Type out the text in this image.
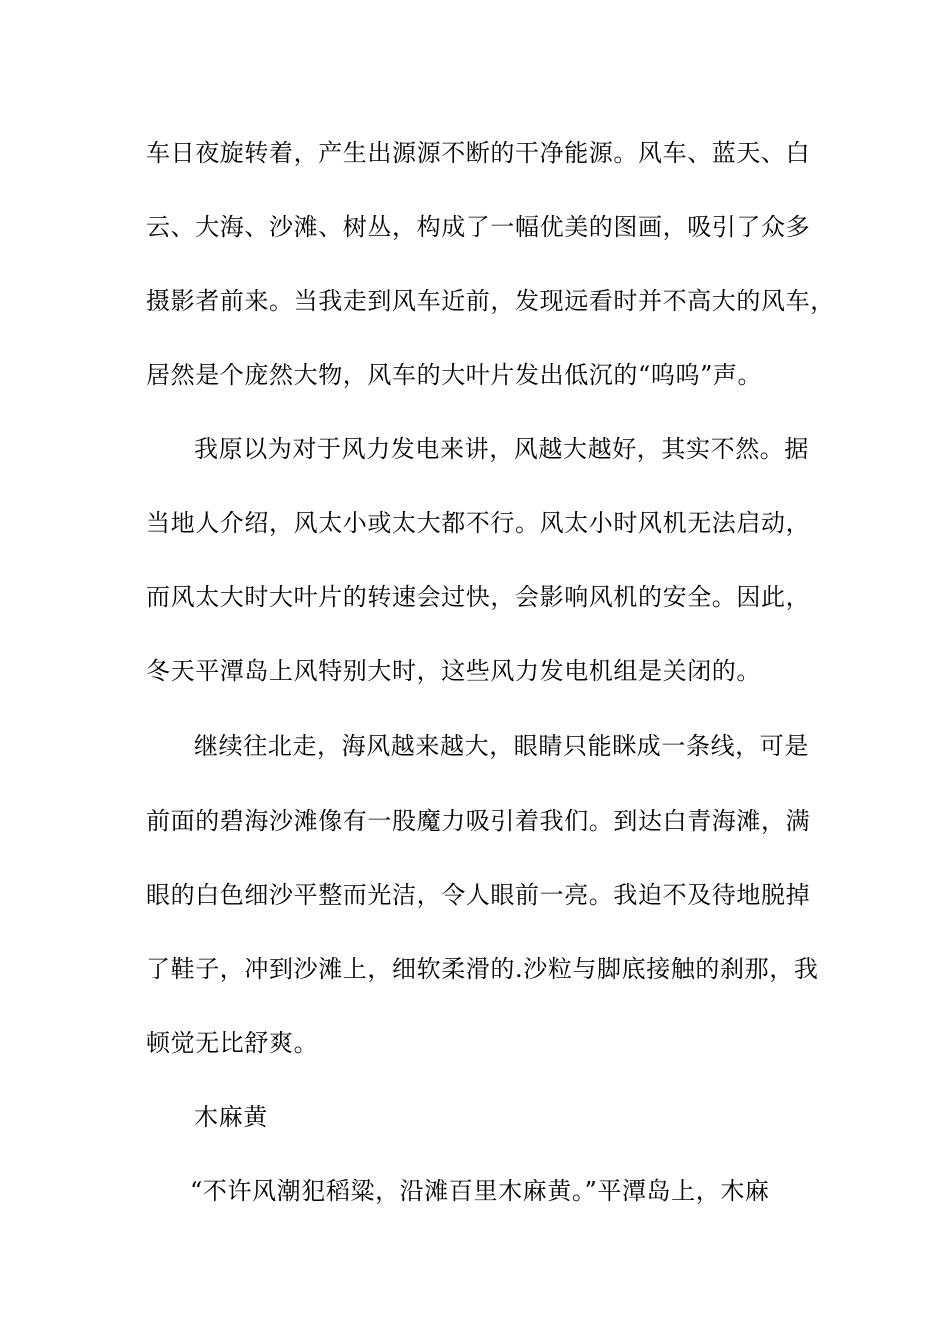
车日夜旋转着，产生出源源不断的干净能源。风车、蓝天、白
云、大海、沙滩、树丛，构成了一幅优美的图画，吸引了众多
摄影者前来。当我走到风车近前，发现远看时并不高大的风车，
居然是个庞然大物，风车的大叶片发出低沉的“呜呜”声。
我原以为对于风力发电来讲，风越大越好，其实不然。据
当地人介绍，风太小或太大都不行。风太小时风机无法启动，
而风太大时大叶片的转速会过快，会影响风机的安全。因此，
冬天平潭岛上风特别大时，这些风力发电机组是关闭的。
继续往北走，海风越来越大，眼睛只能眯成一条线，可是
前面的碧海沙滩像有一股魔力吸引着我们。到达白青海滩，满
眼的白色细沙平整而光洁，令人眼前一亮。我迫不及待地脱掉
了鞋子，冲到沙滩上，细软柔滑的.沙粒与脚底接触的刹那，我
顿觉无比舒爽。
木麻黄
“不许风潮犯稻粱，沿滩百里木麻黄。”平潭岛上，木麻
